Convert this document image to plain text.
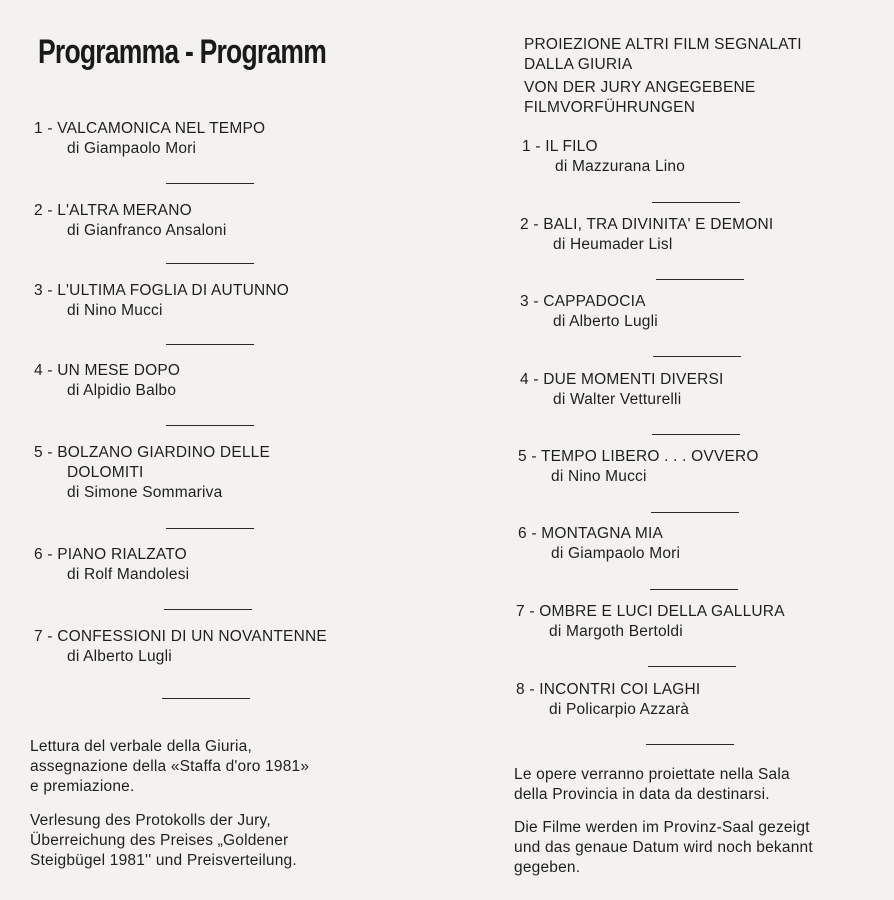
Programma - Programm
1 - VALCAMONICA NEL TEMPO
di Giampaolo Mori
2 - L'ALTRA MERANO
di Gianfranco Ansaloni
3 - L'ULTIMA FOGLIA DI AUTUNNO
di Nino Mucci
4 - UN MESE DOPO
di Alpidio Balbo
5 - BOLZANO GIARDINO DELLE
DOLOMITI
di Simone Sommariva
6 - PIANO RIALZATO
di Rolf Mandolesi
7 - CONFESSIONI DI UN NOVANTENNE
di Alberto Lugli
Lettura del verbale della Giuria,
assegnazione della «Staffa d'oro 1981»
e premiazione.
Verlesung des Protokolls der Jury,
Überreichung des Preises „Goldener
Steigbügel 1981'' und Preisverteilung.
PROIEZIONE ALTRI FILM SEGNALATI
DALLA GIURIA
VON DER JURY ANGEGEBENE
FILMVORFÜHRUNGEN
1 - IL FILO
di Mazzurana Lino
2 - BALI, TRA DIVINITA' E DEMONI
di Heumader Lisl
3 - CAPPADOCIA
di Alberto Lugli
4 - DUE MOMENTI DIVERSI
di Walter Vetturelli
5 - TEMPO LIBERO . . . OVVERO
di Nino Mucci
6 - MONTAGNA MIA
di Giampaolo Mori
7 - OMBRE E LUCI DELLA GALLURA
di Margoth Bertoldi
8 - INCONTRI COI LAGHI
di Policarpio Azzarà
Le opere verranno proiettate nella Sala
della Provincia in data da destinarsi.
Die Filme werden im Provinz-Saal gezeigt
und das genaue Datum wird noch bekannt
gegeben.
